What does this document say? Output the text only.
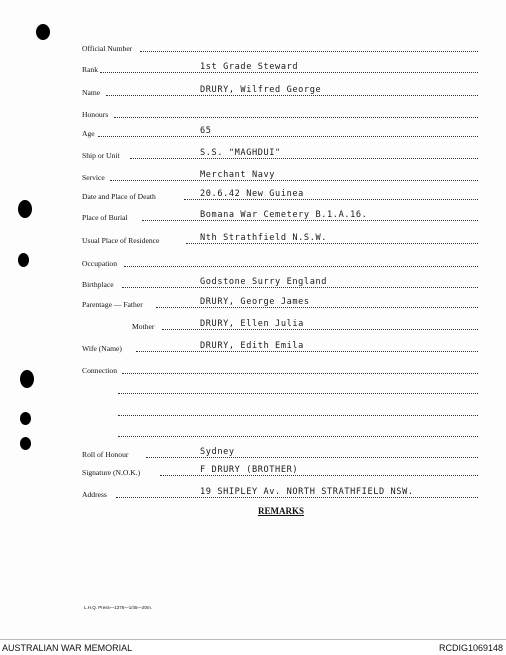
Official Number
Rank	1st Grade Steward
Name	DRURY, Wilfred George
Honours
Age	65
Ship or Unit	S.S. "MAGHDUI"
Service	Merchant Navy
Date and Place of Death	20.6.42 New Guinea
Place of Burial	Bomana War Cemetery B.1.A.16.
Usual Place of Residence	Nth Strathfield N.S.W.
Occupation
Birthplace	Godstone Surry England
Parentage — Father	DRURY, George James
Mother	DRURY, Ellen Julia
Wife (Name)	DRURY, Edith Emila
Connection
Roll of Honour	Sydney
Signature (N.O.K.)	F DRURY (BROTHER)
Address	19 SHIPLEY Av. NORTH STRATHFIELD NSW.
REMARKS
L.H.Q. Press—1376—1/45—20m.
AUSTRALIAN WAR MEMORIAL	RCDIG1069148
